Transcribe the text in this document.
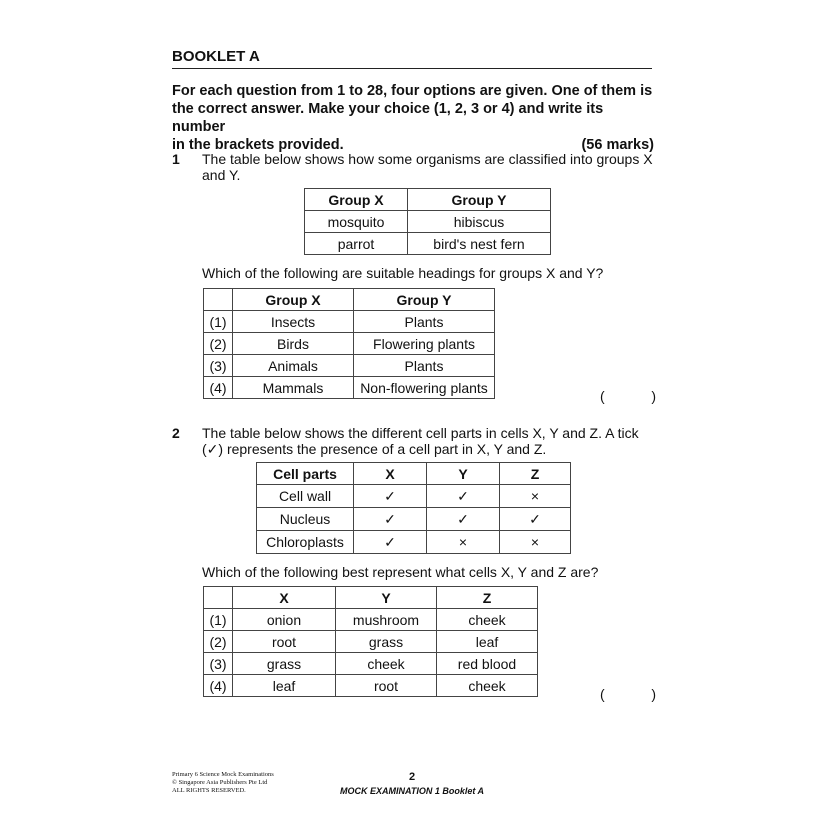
BOOKLET A
For each question from 1 to 28, four options are given. One of them is
the correct answer. Make your choice (1, 2, 3 or 4) and write its number
in the brackets provided.	(56 marks)
1 The table below shows how some organisms are classified into groups X and Y.
Group X	Group Y
mosquito	hibiscus
parrot	bird's nest fern
Which of the following are suitable headings for groups X and Y?
	Group X	Group Y
(1)	Insects	Plants
(2)	Birds	Flowering plants
(3)	Animals	Plants
(4)	Mammals	Non-flowering plants
(	)
2 The table below shows the different cell parts in cells X, Y and Z. A tick (✓) represents the presence of a cell part in X, Y and Z.
Cell parts	X	Y	Z
Cell wall	✓	✓	×
Nucleus	✓	✓	✓
Chloroplasts	✓	×	×
Which of the following best represent what cells X, Y and Z are?
	X	Y	Z
(1)	onion	mushroom	cheek
(2)	root	grass	leaf
(3)	grass	cheek	red blood
(4)	leaf	root	cheek
(	)
Primary 6 Science Mock Examinations
© Singapore Asia Publishers Pte Ltd
ALL RIGHTS RESERVED.
2
MOCK EXAMINATION 1 Booklet A
